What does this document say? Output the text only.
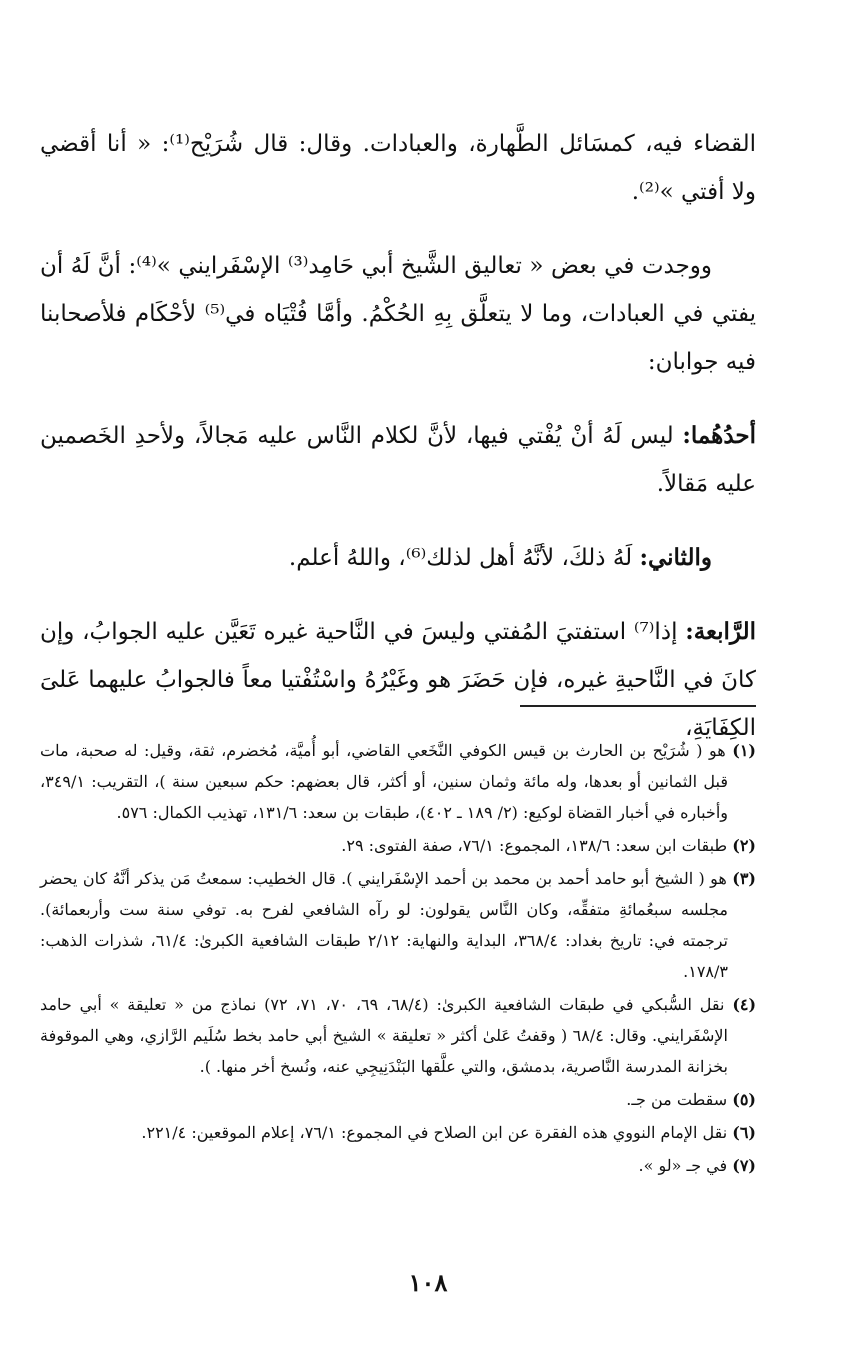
القضاء فيه، كمسَائل الطَّهارة، والعبادات. وقال: قال شُرَيْح⁽¹⁾: « أنا أقضي ولا أفتي »⁽²⁾.

ووجدت في بعض « تعاليق الشَّيخ أبي حَامِد⁽³⁾ الإسْفَرايني »⁽⁴⁾: أنَّ لَهُ أن يفتي في العبادات، وما لا يتعلَّق بِهِ الحُكْمُ. وأمَّا فُتْيَاه في⁽⁵⁾ لأحْكَام فلأصحابنا فيه جوابان:

أحدُهُما: ليس لَهُ أنْ يُفْتي فيها، لأنَّ لكلام النَّاس عليه مَجالاً، ولأحدِ الخَصمين عليه مَقالاً.

والثاني: لَهُ ذلكَ، لأنَّهُ أهل لذلك⁽⁶⁾، واللهُ أعلم.

الرَّابعة: إذا⁽⁷⁾ استفتيَ المُفتي وليسَ في النَّاحية غيره تَعَيَّن عليه الجوابُ، وإن كانَ في النَّاحيةِ غيره، فإن حَضَرَ هو وغَيْرُهُ واسْتُفْتيا معاً فالجوابُ عليهما عَلىَ الكِفَايَةِ،

(١) هو ( شُرَيْح بن الحارث بن قيس الكوفي النَّخَعي القاضي، أبو أُميَّة، مُخضرم، ثقة، وقيل: له صحبة، مات قبل الثمانين أو بعدها، وله مائة وثمان سنين، أو أكثر، قال بعضهم: حكم سبعين سنة )، التقريب: ٣٤٩/١، وأخباره في أخبار القضاة لوكيع: (٢/ ١٨٩ ـ ٤٠٢)، طبقات بن سعد: ١٣١/٦، تهذيب الكمال: ٥٧٦.
(٢) طبقات ابن سعد: ١٣٨/٦، المجموع: ٧٦/١، صفة الفتوى: ٢٩.
(٣) هو ( الشيخ أبو حامد أحمد بن محمد بن أحمد الإسْفَرايني ). قال الخطيب: سمعتُ مَن يذكر أنَّهُ كان يحضر مجلسه سبعُمائةِ متفقِّه، وكان النَّاس يقولون: لو رآه الشافعي لفرح به. توفي سنة ست وأربعمائة). ترجمته في: تاريخ بغداد: ٣٦٨/٤، البداية والنهاية: ٢/١٢ طبقات الشافعية الكبرىٰ: ٦١/٤، شذرات الذهب: ١٧٨/٣.
(٤) نقل السُّبكي في طبقات الشافعية الكبرىٰ: (٦٨/٤، ٦٩، ٧٠، ٧١، ٧٢) نماذج من « تعليقة » أبي حامد الإسْفَرايني. وقال: ٦٨/٤ ( وقفتُ عَلىٰ أكثر « تعليقة » الشيخ أبي حامد بخط سُلَيم الرَّازي، وهي الموقوفة بخزانة المدرسة النَّاصرية، بدمشق، والتي علَّقها البَنْدَنِيجِي عنه، ونُسخ أخر منها. ).
(٥) سقطت من جـ.
(٦) نقل الإمام النووي هذه الفقرة عن ابن الصلاح في المجموع: ٧٦/١، إعلام الموقعين: ٢٢١/٤.
(٧) في جـ «لو ».
١٠٨
